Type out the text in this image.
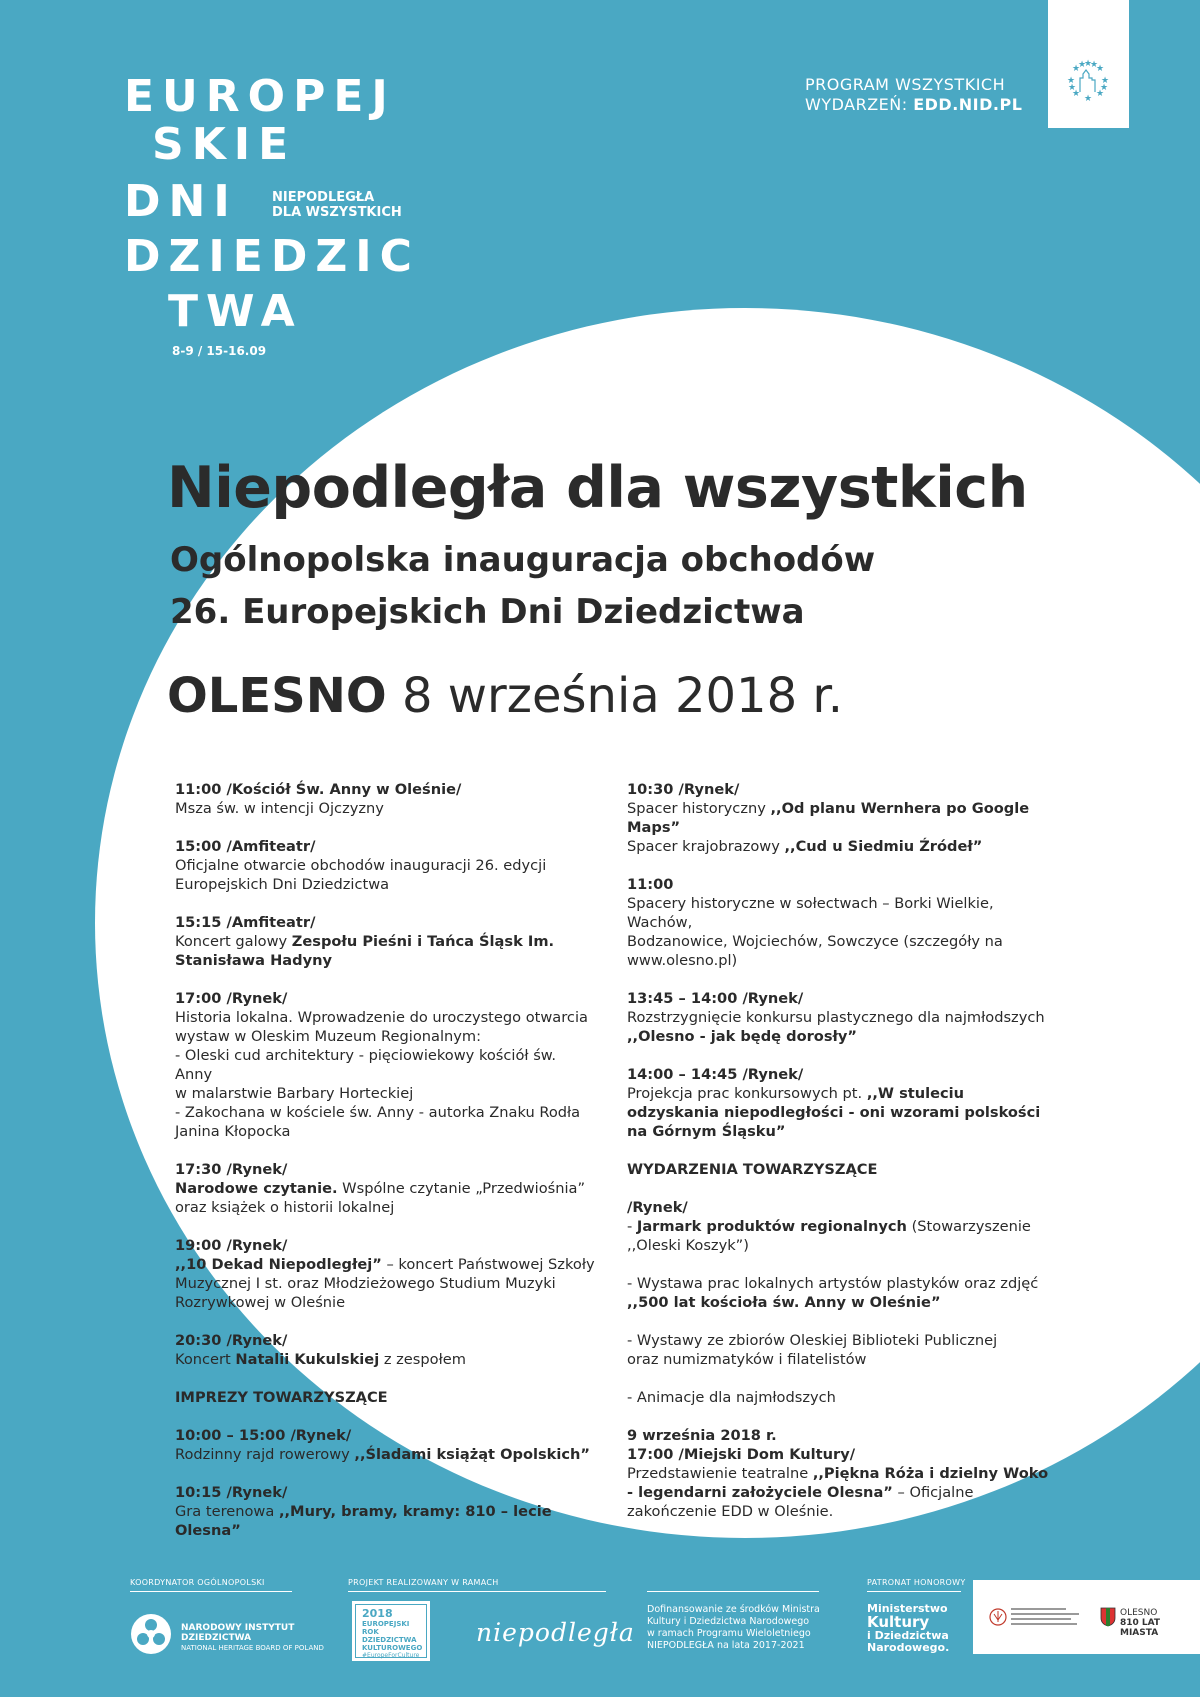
EUROPEJ
SKIE
DNI
DZIEDZIC
TWA
NIEPODLEGŁA
DLA WSZYSTKICH
8-9 / 15-16.09
PROGRAM WSZYSTKICH
WYDARZEŃ: EDD.NID.PL
★
★
★	★
★ ★
★ ★
★	★
★ ★
Niepodległa dla wszystkich
Ogólnopolska inauguracja obchodów
26. Europejskich Dni Dziedzictwa
OLESNO 8 września 2018 r.

11:00 /Kościół Św. Anny w Oleśnie/

Msza św. w intencji Ojczyzny

15:00 /Amfiteatr/

Oficjalne otwarcie obchodów inauguracji 26. edycji

Europejskich Dni Dziedzictwa

15:15 /Amfiteatr/

Koncert galowy Zespołu Pieśni i Tańca Śląsk Im. Stanisława Hadyny

17:00 /Rynek/

Historia lokalna. Wprowadzenie do uroczystego otwarcia

wystaw w Oleskim Muzeum Regionalnym:

- Oleski cud architektury - pięciowiekowy kościół św. Anny

w malarstwie Barbary Horteckiej

- Zakochana w kościele św. Anny - autorka Znaku Rodła

Janina Kłopocka

17:30 /Rynek/

Narodowe czytanie. Wspólne czytanie „Przedwiośnia” oraz książek o historii lokalnej

19:00 /Rynek/

,,10 Dekad Niepodległej” – koncert Państwowej Szkoły Muzycznej I st. oraz Młodzieżowego Studium Muzyki Rozrywkowej w Oleśnie

20:30 /Rynek/

Koncert Natalii Kukulskiej z zespołem

IMPREZY TOWARZYSZĄCE

10:00 – 15:00 /Rynek/

Rodzinny rajd rowerowy ,,Śladami książąt Opolskich”

10:15 /Rynek/

Gra terenowa ,,Mury, bramy, kramy: 810 – lecie Olesna”

10:30 /Rynek/

Spacer historyczny ,,Od planu Wernhera po Google Maps”

Spacer krajobrazowy ,,Cud u Siedmiu Źródeł”

11:00

Spacery historyczne w sołectwach – Borki Wielkie, Wachów,

Bodzanowice, Wojciechów, Sowczyce (szczegóły na

www.olesno.pl)

13:45 – 14:00 /Rynek/

Rozstrzygnięcie konkursu plastycznego dla najmłodszych ,,Olesno - jak będę dorosły”

14:00 – 14:45 /Rynek/

Projekcja prac konkursowych pt. ,,W stuleciu odzyskania niepodległości - oni wzorami polskości na Górnym Śląsku”

WYDARZENIA TOWARZYSZĄCE

/Rynek/

- Jarmark produktów regionalnych (Stowarzyszenie ,,Oleski Koszyk”)

- Wystawa prac lokalnych artystów plastyków oraz zdjęć ,,500 lat kościoła św. Anny w Oleśnie”

- Wystawy ze zbiorów Oleskiej Biblioteki Publicznej

oraz numizmatyków i filatelistów

- Animacje dla najmłodszych

9 września 2018 r.

17:00 /Miejski Dom Kultury/

Przedstawienie teatralne ,,Piękna Róża i dzielny Woko - legendarni założyciele Olesna” – Oficjalne zakończenie EDD w Oleśnie.

KOORDYNATOR OGÓLNOPOLSKI
NARODOWY INSTYTUT
DZIEDZICTWA
NATIONAL HERITAGE BOARD OF POLAND
PROJEKT REALIZOWANY W RAMACH
2018
EUROPEJSKI ROK
DZIEDZICTWA
KULTUROWEGO
#EuropeForCulture
niepodległa
Dofinansowanie ze środków Ministra
Kultury i Dziedzictwa Narodowego
w ramach Programu Wieloletniego
NIEPODLEGŁA na lata 2017-2021
PATRONAT HONOROWY
Ministerstwo
Kultury
i Dziedzictwa
Narodowego.
OLESNO
810 LAT MIASTA
